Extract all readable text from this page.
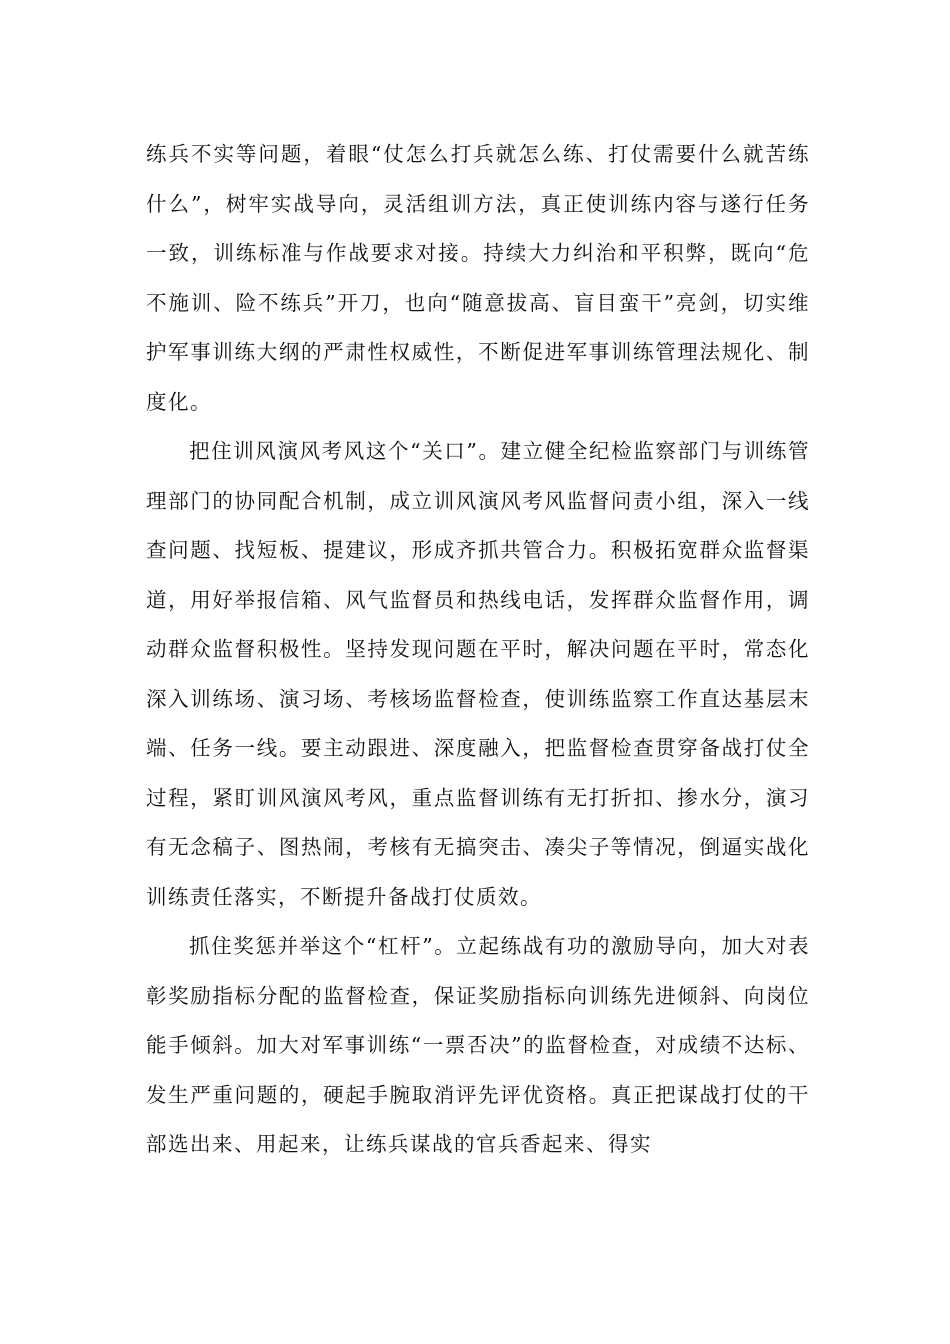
练兵不实等问题，着眼“仗怎么打兵就怎么练、打仗需要什么就苦练什么”，树牢实战导向，灵活组训方法，真正使训练内容与遂行任务一致，训练标准与作战要求对接。持续大力纠治和平积弊，既向“危不施训、险不练兵”开刀，也向“随意拔高、盲目蛮干”亮剑，切实维护军事训练大纲的严肃性权威性，不断促进军事训练管理法规化、制度化。

把住训风演风考风这个“关口”。建立健全纪检监察部门与训练管理部门的协同配合机制，成立训风演风考风监督问责小组，深入一线查问题、找短板、提建议，形成齐抓共管合力。积极拓宽群众监督渠道，用好举报信箱、风气监督员和热线电话，发挥群众监督作用，调动群众监督积极性。坚持发现问题在平时，解决问题在平时，常态化深入训练场、演习场、考核场监督检查，使训练监察工作直达基层末端、任务一线。要主动跟进、深度融入，把监督检查贯穿备战打仗全过程，紧盯训风演风考风，重点监督训练有无打折扣、掺水分，演习有无念稿子、图热闹，考核有无搞突击、凑尖子等情况，倒逼实战化训练责任落实，不断提升备战打仗质效。

抓住奖惩并举这个“杠杆”。立起练战有功的激励导向，加大对表彰奖励指标分配的监督检查，保证奖励指标向训练先进倾斜、向岗位能手倾斜。加大对军事训练“一票否决”的监督检查，对成绩不达标、发生严重问题的，硬起手腕取消评先评优资格。真正把谋战打仗的干部选出来、用起来，让练兵谋战的官兵香起来、得实
